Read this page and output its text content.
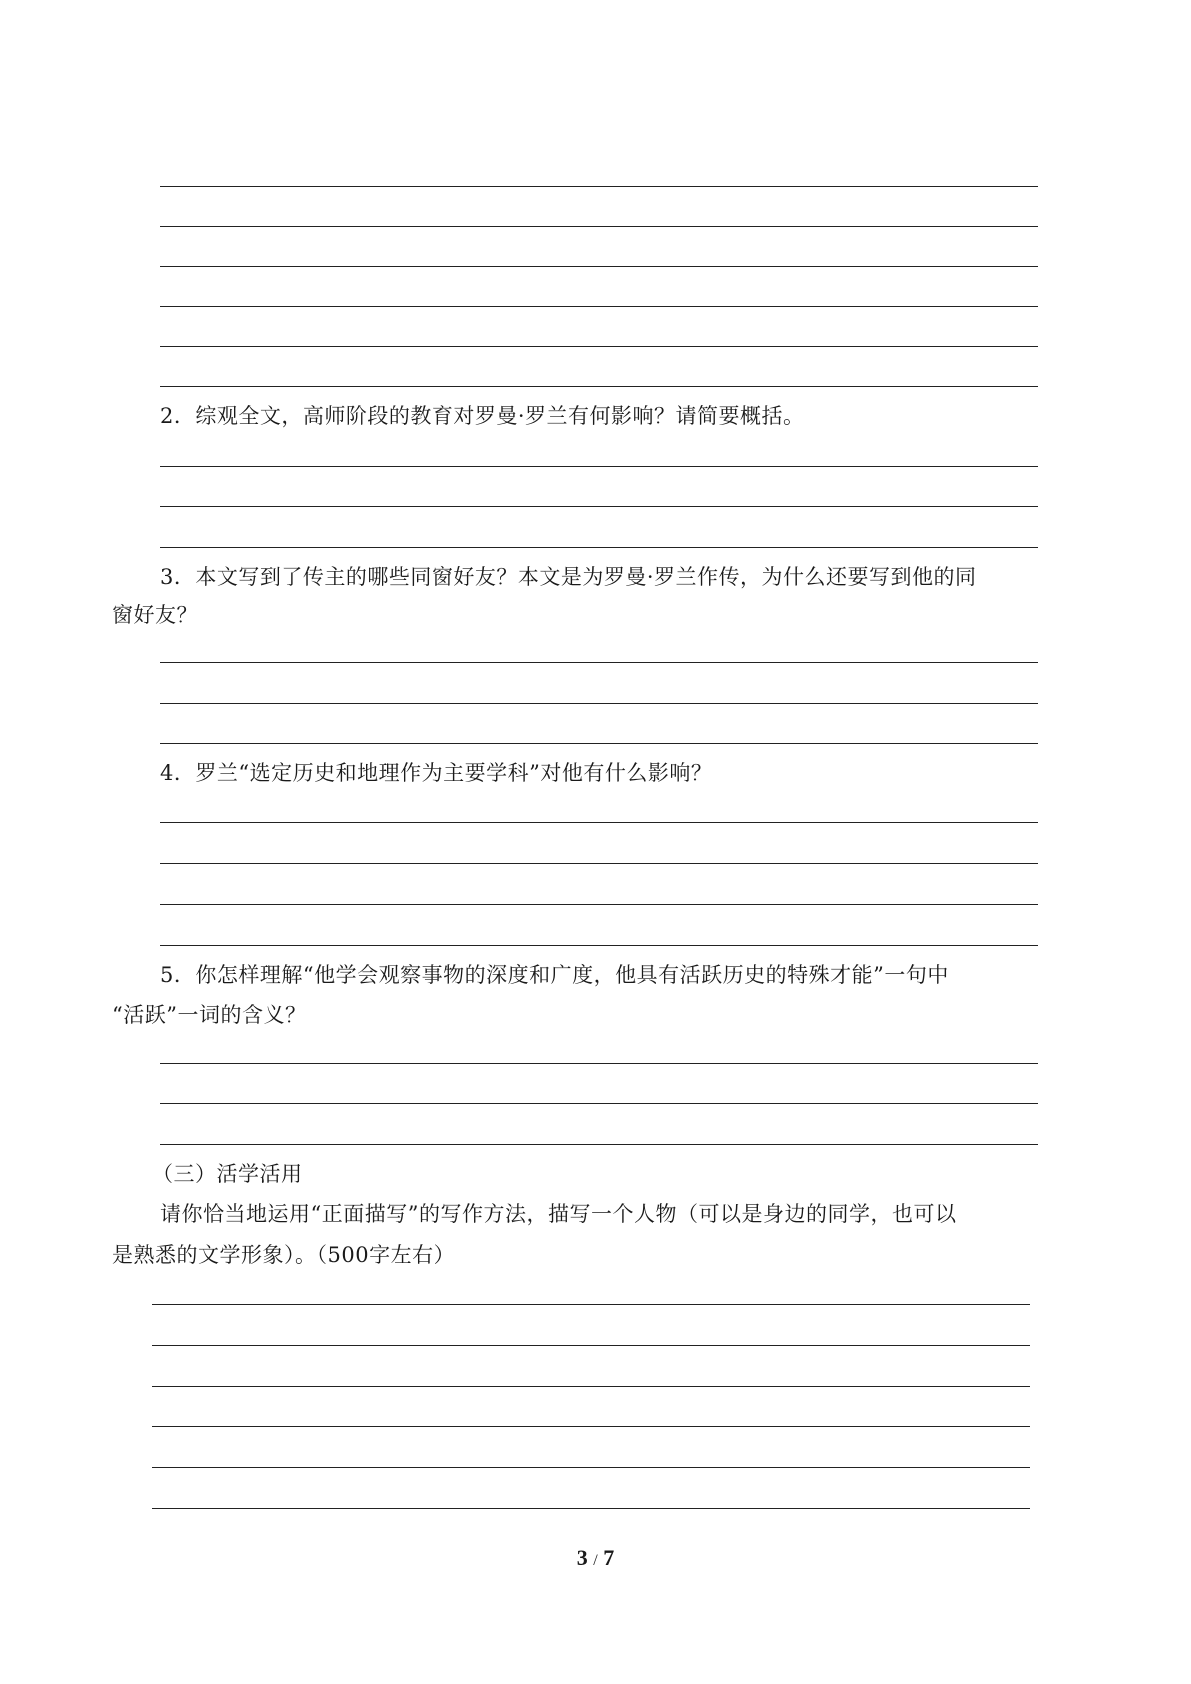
2．综观全文，高师阶段的教育对罗曼·罗兰有何影响？请简要概括。
3．本文写到了传主的哪些同窗好友？本文是为罗曼·罗兰作传，为什么还要写到他的同
窗好友？
4．罗兰“选定历史和地理作为主要学科”对他有什么影响？
5．你怎样理解“他学会观察事物的深度和广度，他具有活跃历史的特殊才能”一句中
“活跃”一词的含义？
（三）活学活用
请你恰当地运用“正面描写”的写作方法，描写一个人物（可以是身边的同学，也可以
是熟悉的文学形象）。（500字左右）
3 / 7
